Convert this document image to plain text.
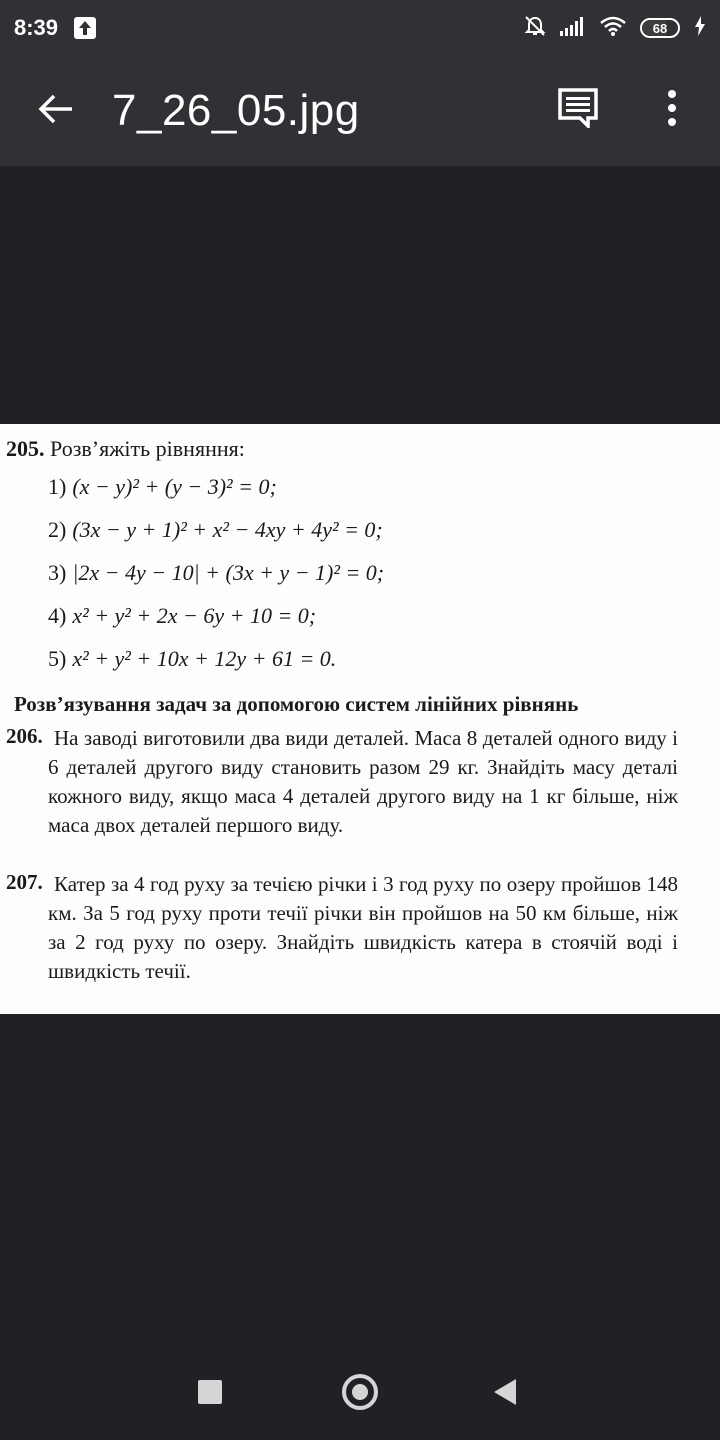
8:39	68
7_26_05.jpg
205. Розв’яжіть рівняння:
1) (x − y)² + (y − 3)² = 0;
2) (3x − y + 1)² + x² − 4xy + 4y² = 0;
3) |2x − 4y − 10| + (3x + y − 1)² = 0;
4) x² + y² + 2x − 6y + 10 = 0;
5) x² + y² + 10x + 12y + 61 = 0.
Розв’язування задач за допомогою систем лінійних рівнянь
206. На заводі виготовили два види деталей. Маса 8 деталей одного виду і 6 деталей другого виду становить разом 29 кг. Знайдіть масу деталі кожного виду, якщо маса 4 деталей другого виду на 1 кг більше, ніж маса двох деталей першого виду.
207. Катер за 4 год руху за течією річки і 3 год руху по озеру пройшов 148 км. За 5 год руху проти течії річки він пройшов на 50 км більше, ніж за 2 год руху по озеру. Знайдіть швидкість катера в стоячій воді і швидкість течії.
